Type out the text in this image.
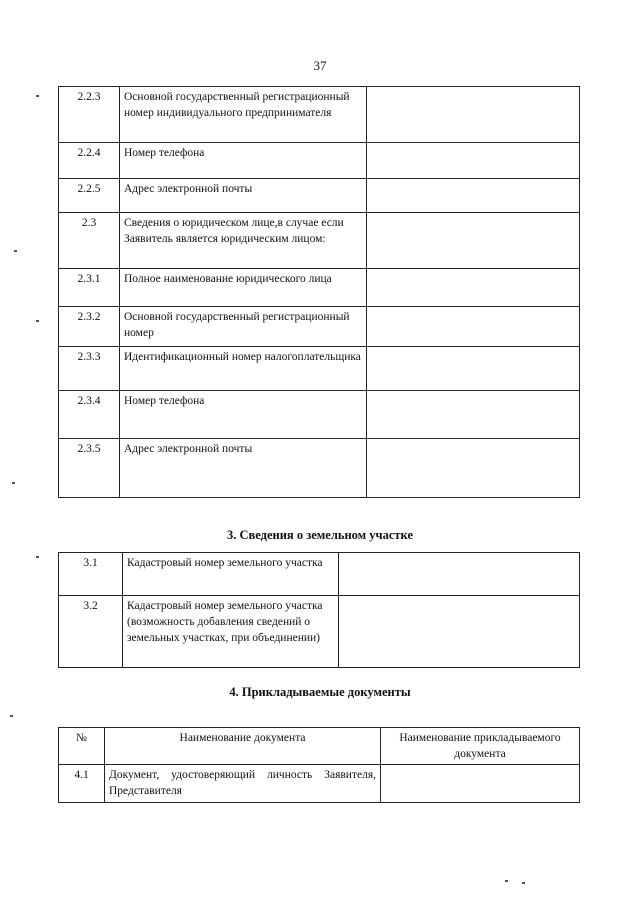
37
2.2.3	Основной государственный регистрационный номер индивидуального предпринимателя	
2.2.4	Номер телефона	
2.2.5	Адрес электронной почты	
2.3	Сведения о юридическом лице,в случае если Заявитель является юридическим лицом:	
2.3.1	Полное наименование юридического лица	
2.3.2	Основной государственный регистрационный номер	
2.3.3	Идентификационный номер налогоплательщика	
2.3.4	Номер телефона	
2.3.5	Адрес электронной почты	
3. Сведения о земельном участке
3.1	Кадастровый номер земельного участка	
3.2	Кадастровый номер земельного участка (возможность добавления сведений о земельных участках, при объединении)	
4. Прикладываемые документы
№	Наименование документа	Наименование прикладываемого документа
4.1	Документ, удостоверяющий личность Заявителя, Представителя	
